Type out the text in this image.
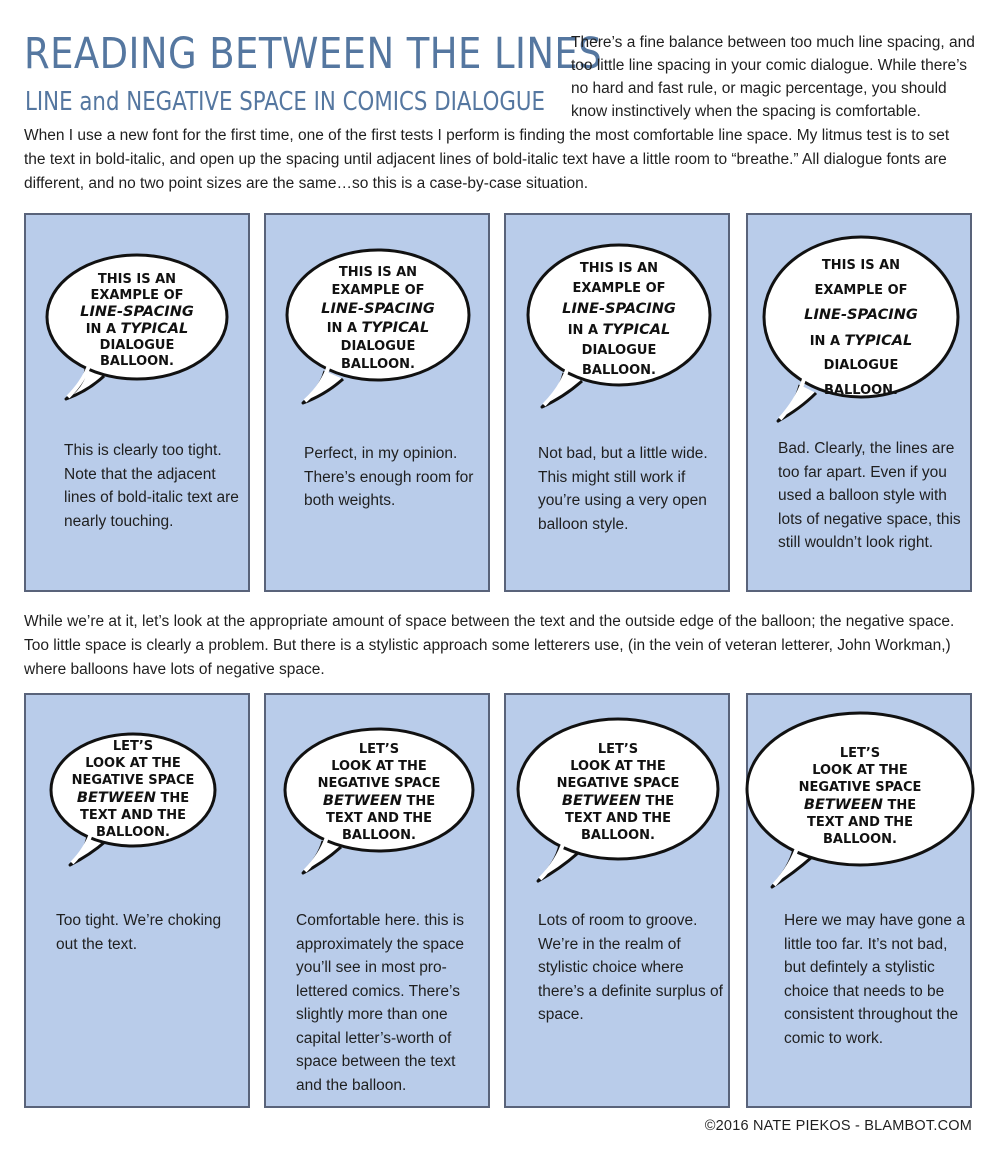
READING BETWEEN THE LINES
LINE and NEGATIVE SPACE IN COMICS DIALOGUE

There’s a fine balance between too much line spacing, and too little line spacing in your comic dialogue. While there’s no hard and fast rule, or magic percentage, you should know instinctively when the spacing is comfortable.

When I use a new font for the first time, one of the first tests I perform is finding the most comfortable line space. My litmus test is to set the text in bold-italic, and open up the spacing until adjacent lines of bold-italic text have a little room to “breathe.” All dialogue fonts are different, and no two point sizes are the same…so this is a case-by-case situation.

THIS IS AN
EXAMPLE OF
LINE-SPACING
IN A TYPICAL
DIALOGUE
BALLOON.

This is clearly too tight. Note that the adjacent lines of bold-italic text are nearly touching.

THIS IS AN
EXAMPLE OF
LINE-SPACING
IN A TYPICAL
DIALOGUE
BALLOON.

Perfect, in my opinion. There’s enough room for both weights.

THIS IS AN
EXAMPLE OF
LINE-SPACING
IN A TYPICAL
DIALOGUE
BALLOON.

Not bad, but a little wide. This might still work if you’re using a very open balloon style.

THIS IS AN
EXAMPLE OF
LINE-SPACING
IN A TYPICAL
DIALOGUE
BALLOON.

Bad. Clearly, the lines are too far apart. Even if you used a balloon style with lots of negative space, this still wouldn’t look right.

While we’re at it, let’s look at the appropriate amount of space between the text and the outside edge of the balloon; the negative space. Too little space is clearly a problem. But there is a stylistic approach some letterers use, (in the vein of veteran letterer, John Workman,) where balloons have lots of negative space.

LET’S
LOOK AT THE
NEGATIVE SPACE
BETWEEN THE
TEXT AND THE
BALLOON.

Too tight. We’re choking out the text.

LET’S
LOOK AT THE
NEGATIVE SPACE
BETWEEN THE
TEXT AND THE
BALLOON.

Comfortable here. this is approximately the space you’ll see in most pro-lettered comics. There’s slightly more than one capital letter’s-worth of space between the text and the balloon.

LET’S
LOOK AT THE
NEGATIVE SPACE
BETWEEN THE
TEXT AND THE
BALLOON.

Lots of room to groove. We’re in the realm of stylistic choice where there’s a definite surplus of space.

LET’S
LOOK AT THE
NEGATIVE SPACE
BETWEEN THE
TEXT AND THE
BALLOON.

Here we may have gone a little too far. It’s not bad, but defintely a stylistic choice that needs to be consistent throughout the comic to work.

©2016 NATE PIEKOS - BLAMBOT.COM
